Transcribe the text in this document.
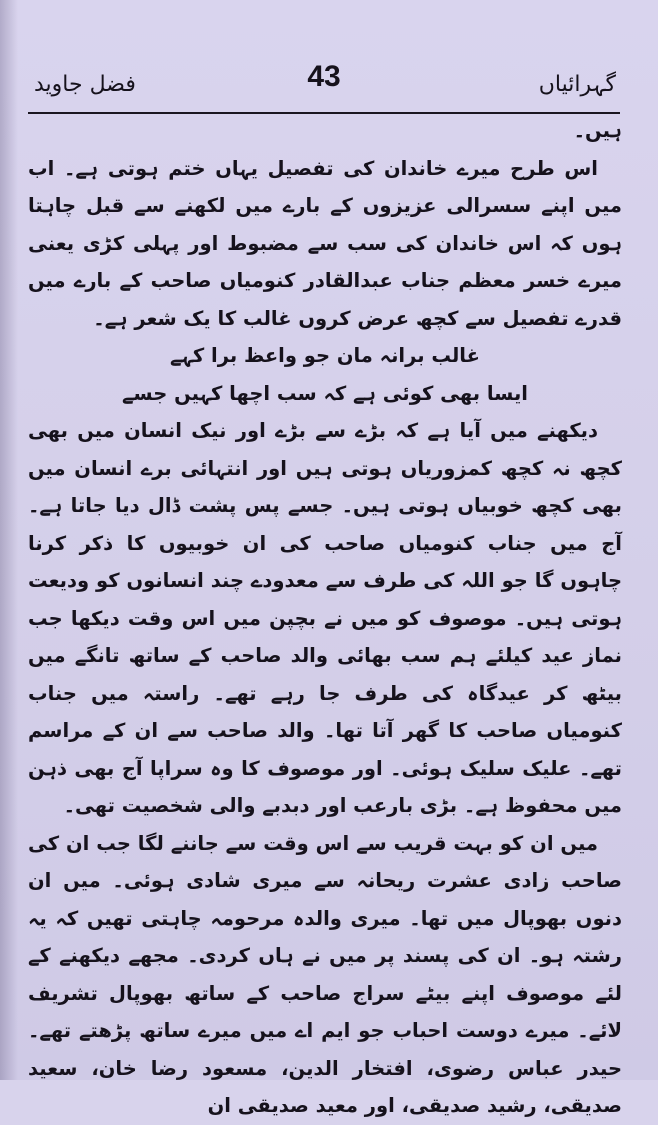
فضل جاوید	43	گہرائیاں

ہیں۔

اس طرح میرے خاندان کی تفصیل یہاں ختم ہوتی ہے۔ اب میں اپنے سسرالی عزیزوں کے بارے میں لکھنے سے قبل چاہتا ہوں کہ اس خاندان کی سب سے مضبوط اور پہلی کڑی یعنی میرے خسر معظم جناب عبدالقادر کنومیاں صاحب کے بارے میں قدرے تفصیل سے کچھ عرض کروں غالب کا یک شعر ہے۔

غالب برانہ مان جو واعظ برا کہے

ایسا بھی کوئی ہے کہ سب اچھا کہیں جسے

دیکھنے میں آیا ہے کہ بڑے سے بڑے اور نیک انسان میں بھی کچھ نہ کچھ کمزوریاں ہوتی ہیں اور انتہائی برے انسان میں بھی کچھ خوبیاں ہوتی ہیں۔ جسے پس پشت ڈال دیا جاتا ہے۔ آج میں جناب کنومیاں صاحب کی ان خوبیوں کا ذکر کرنا چاہوں گا جو اللہ کی طرف سے معدودے چند انسانوں کو ودیعت ہوتی ہیں۔ موصوف کو میں نے بچپن میں اس وقت دیکھا جب نماز عید کیلئے ہم سب بھائی والد صاحب کے ساتھ تانگے میں بیٹھ کر عیدگاہ کی طرف جا رہے تھے۔ راستہ میں جناب کنومیاں صاحب کا گھر آتا تھا۔ والد صاحب سے ان کے مراسم تھے۔ علیک سلیک ہوئی۔ اور موصوف کا وہ سراپا آج بھی ذہن میں محفوظ ہے۔ بڑی بارعب اور دبدبے والی شخصیت تھی۔

میں ان کو بہت قریب سے اس وقت سے جاننے لگا جب ان کی صاحب زادی عشرت ریحانہ سے میری شادی ہوئی۔ میں ان دنوں بھوپال میں تھا۔ میری والدہ مرحومہ چاہتی تھیں کہ یہ رشتہ ہو۔ ان کی پسند پر میں نے ہاں کردی۔ مجھے دیکھنے کے لئے موصوف اپنے بیٹے سراج صاحب کے ساتھ بھوپال تشریف لائے۔ میرے دوست احباب جو ایم اے میں میرے ساتھ پڑھتے تھے۔ حیدر عباس رضوی، افتخار الدین، مسعود رضا خان، سعید صدیقی، رشید صدیقی، اور معید صدیقی ان
